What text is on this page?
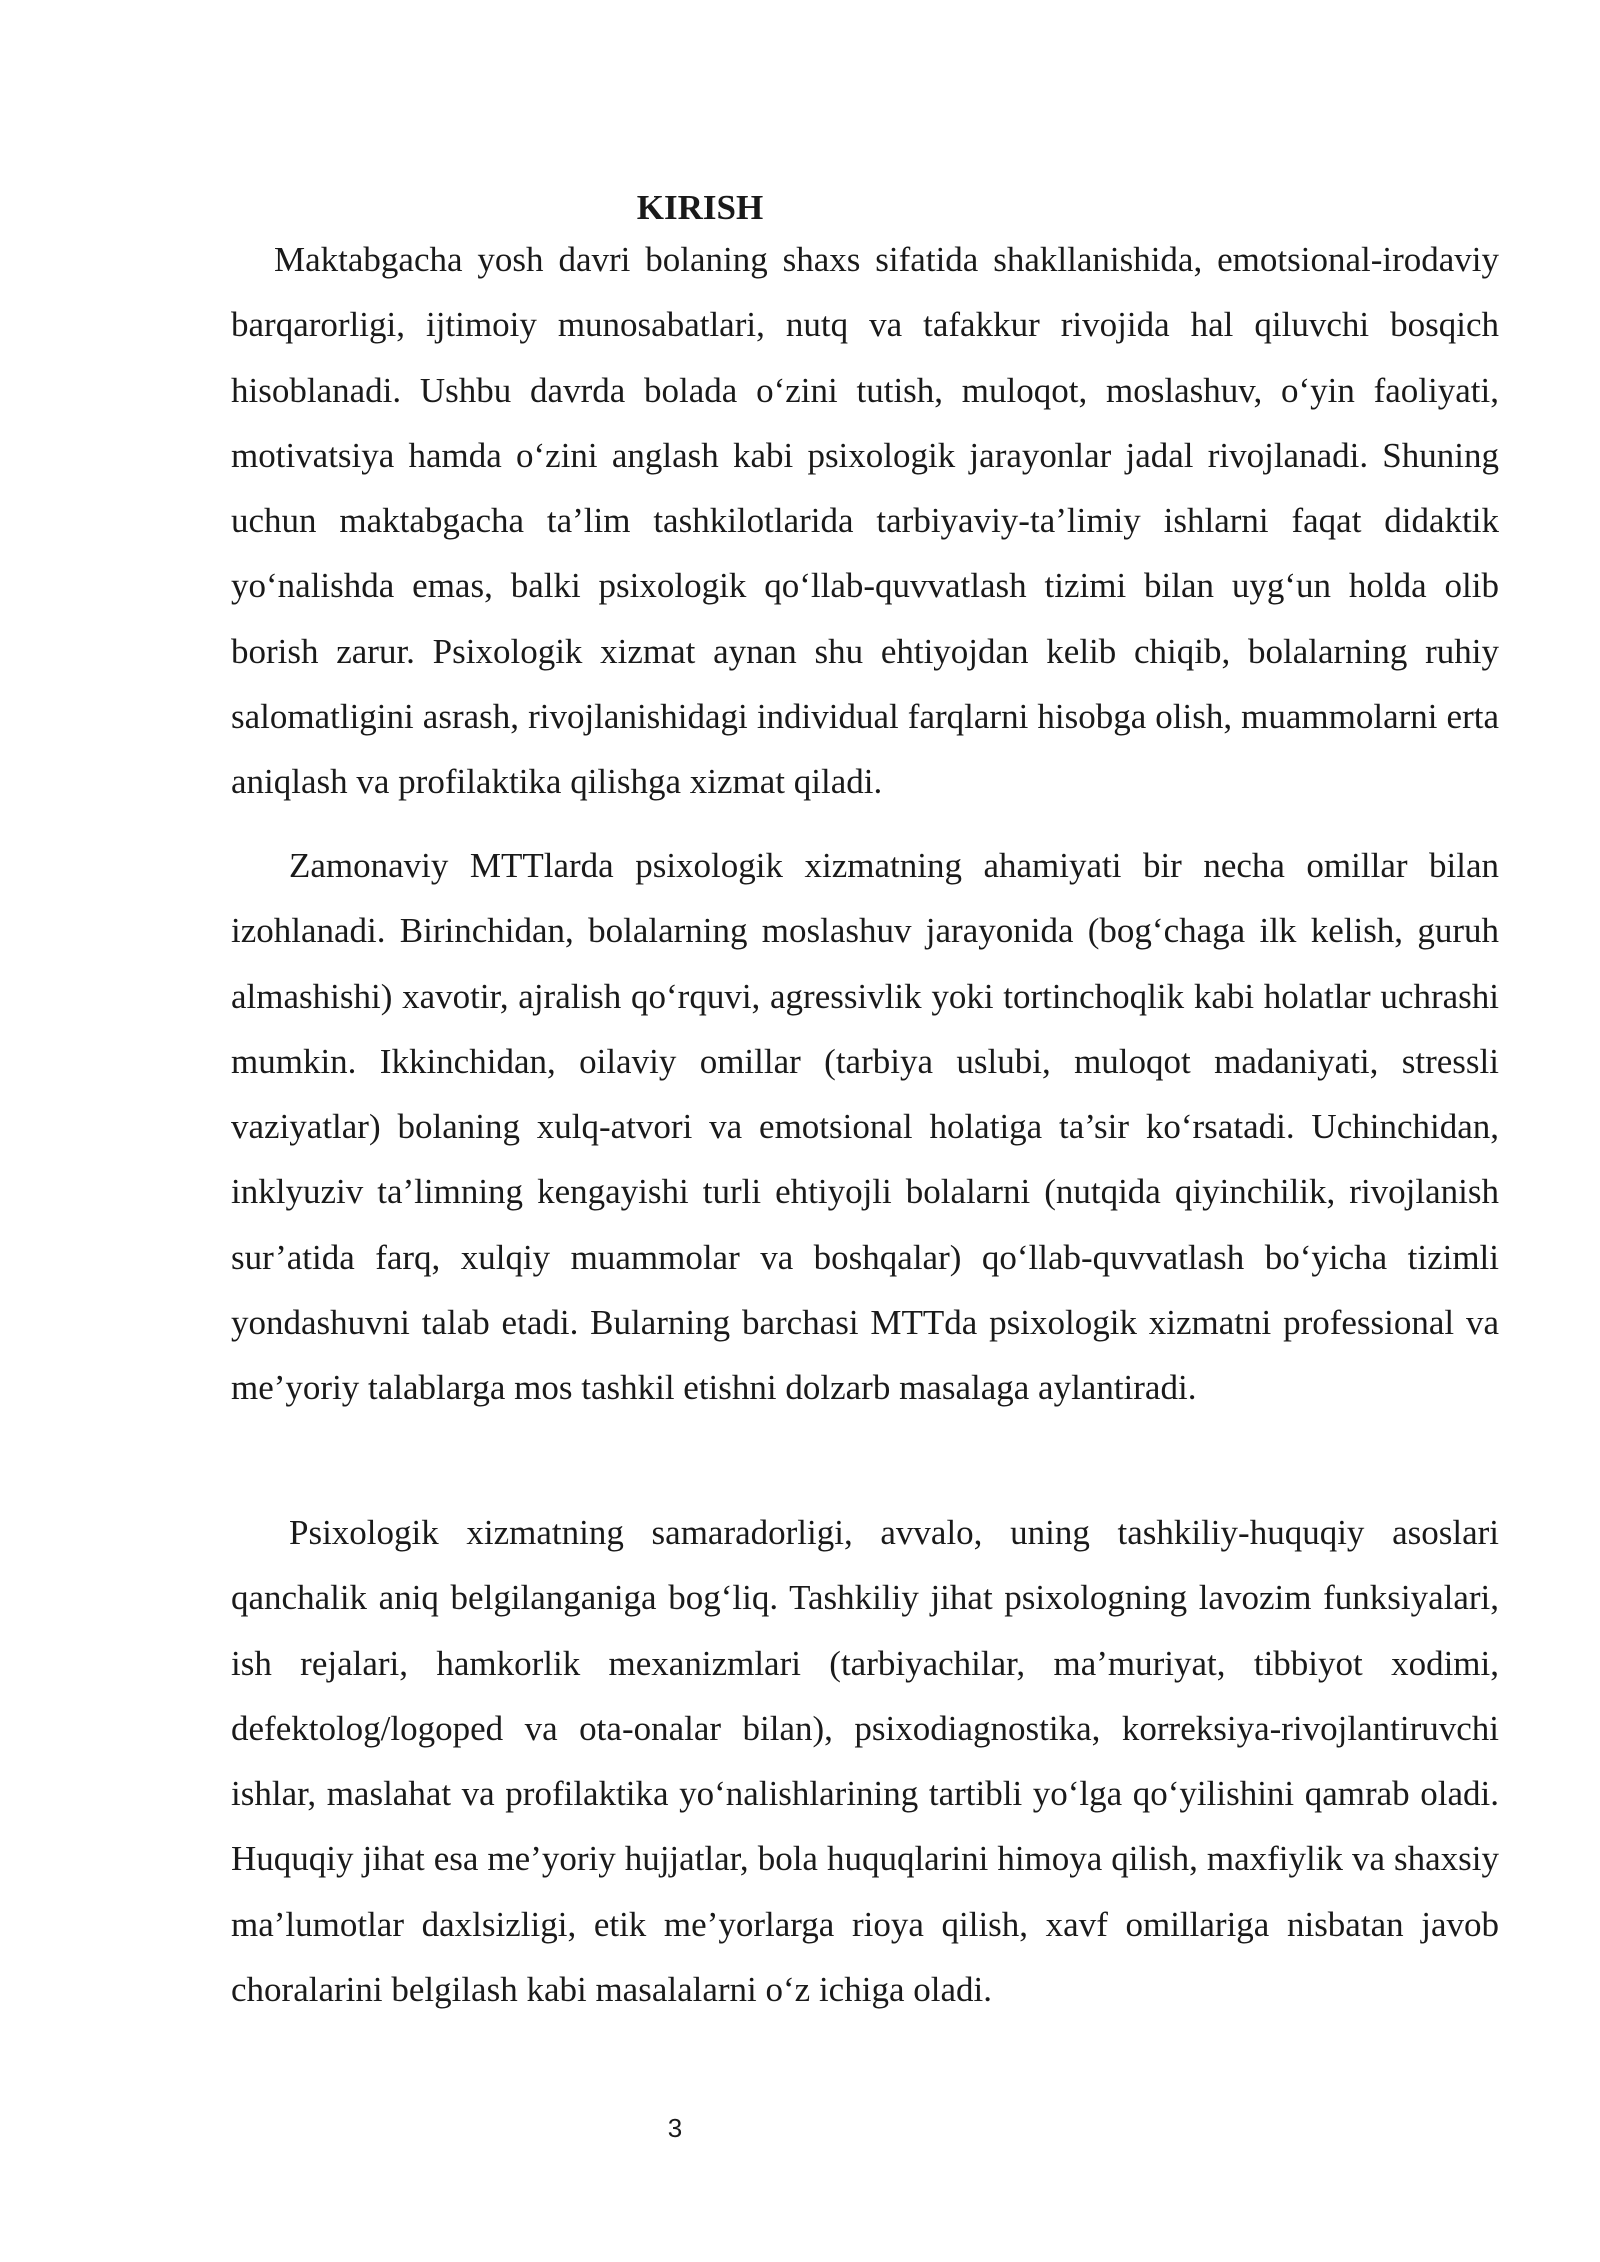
KIRISH

Maktabgacha yosh davri bolaning shaxs sifatida shakllanishida, emotsional-irodaviy barqarorligi, ijtimoiy munosabatlari, nutq va tafakkur rivojida hal qiluvchi bosqich hisoblanadi. Ushbu davrda bolada o‘zini tutish, muloqot, moslashuv, o‘yin faoliyati, motivatsiya hamda o‘zini anglash kabi psixologik jarayonlar jadal rivojlanadi. Shuning uchun maktabgacha ta’lim tashkilotlarida tarbiyaviy-ta’limiy ishlarni faqat didaktik yo‘nalishda emas, balki psixologik qo‘llab-quvvatlash tizimi bilan uyg‘un holda olib borish zarur. Psixologik xizmat aynan shu ehtiyojdan kelib chiqib, bolalarning ruhiy salomatligini asrash, rivojlanishidagi individual farqlarni hisobga olish, muammolarni erta aniqlash va profilaktika qilishga xizmat qiladi.

Zamonaviy MTTlarda psixologik xizmatning ahamiyati bir necha omillar bilan izohlanadi. Birinchidan, bolalarning moslashuv jarayonida (bog‘chaga ilk kelish, guruh almashishi) xavotir, ajralish qo‘rquvi, agressivlik yoki tortinchoqlik kabi holatlar uchrashi mumkin. Ikkinchidan, oilaviy omillar (tarbiya uslubi, muloqot madaniyati, stressli vaziyatlar) bolaning xulq-atvori va emotsional holatiga ta’sir ko‘rsatadi. Uchinchidan, inklyuziv ta’limning kengayishi turli ehtiyojli bolalarni (nutqida qiyinchilik, rivojlanish sur’atida farq, xulqiy muammolar va boshqalar) qo‘llab-quvvatlash bo‘yicha tizimli yondashuvni talab etadi. Bularning barchasi MTTda psixologik xizmatni professional va me’yoriy talablarga mos tashkil etishni dolzarb masalaga aylantiradi.

Psixologik xizmatning samaradorligi, avvalo, uning tashkiliy-huquqiy asoslari qanchalik aniq belgilanganiga bog‘liq. Tashkiliy jihat psixologning lavozim funksiyalari, ish rejalari, hamkorlik mexanizmlari (tarbiyachilar, ma’muriyat, tibbiyot xodimi, defektolog/logoped va ota-onalar bilan), psixodiagnostika, korreksiya-rivojlantiruvchi ishlar, maslahat va profilaktika yo‘nalishlarining tartibli yo‘lga qo‘yilishini qamrab oladi. Huquqiy jihat esa me’yoriy hujjatlar, bola huquqlarini himoya qilish, maxfiylik va shaxsiy ma’lumotlar daxlsizligi, etik me’yorlarga rioya qilish, xavf omillariga nisbatan javob choralarini belgilash kabi masalalarni o‘z ichiga oladi.

3
